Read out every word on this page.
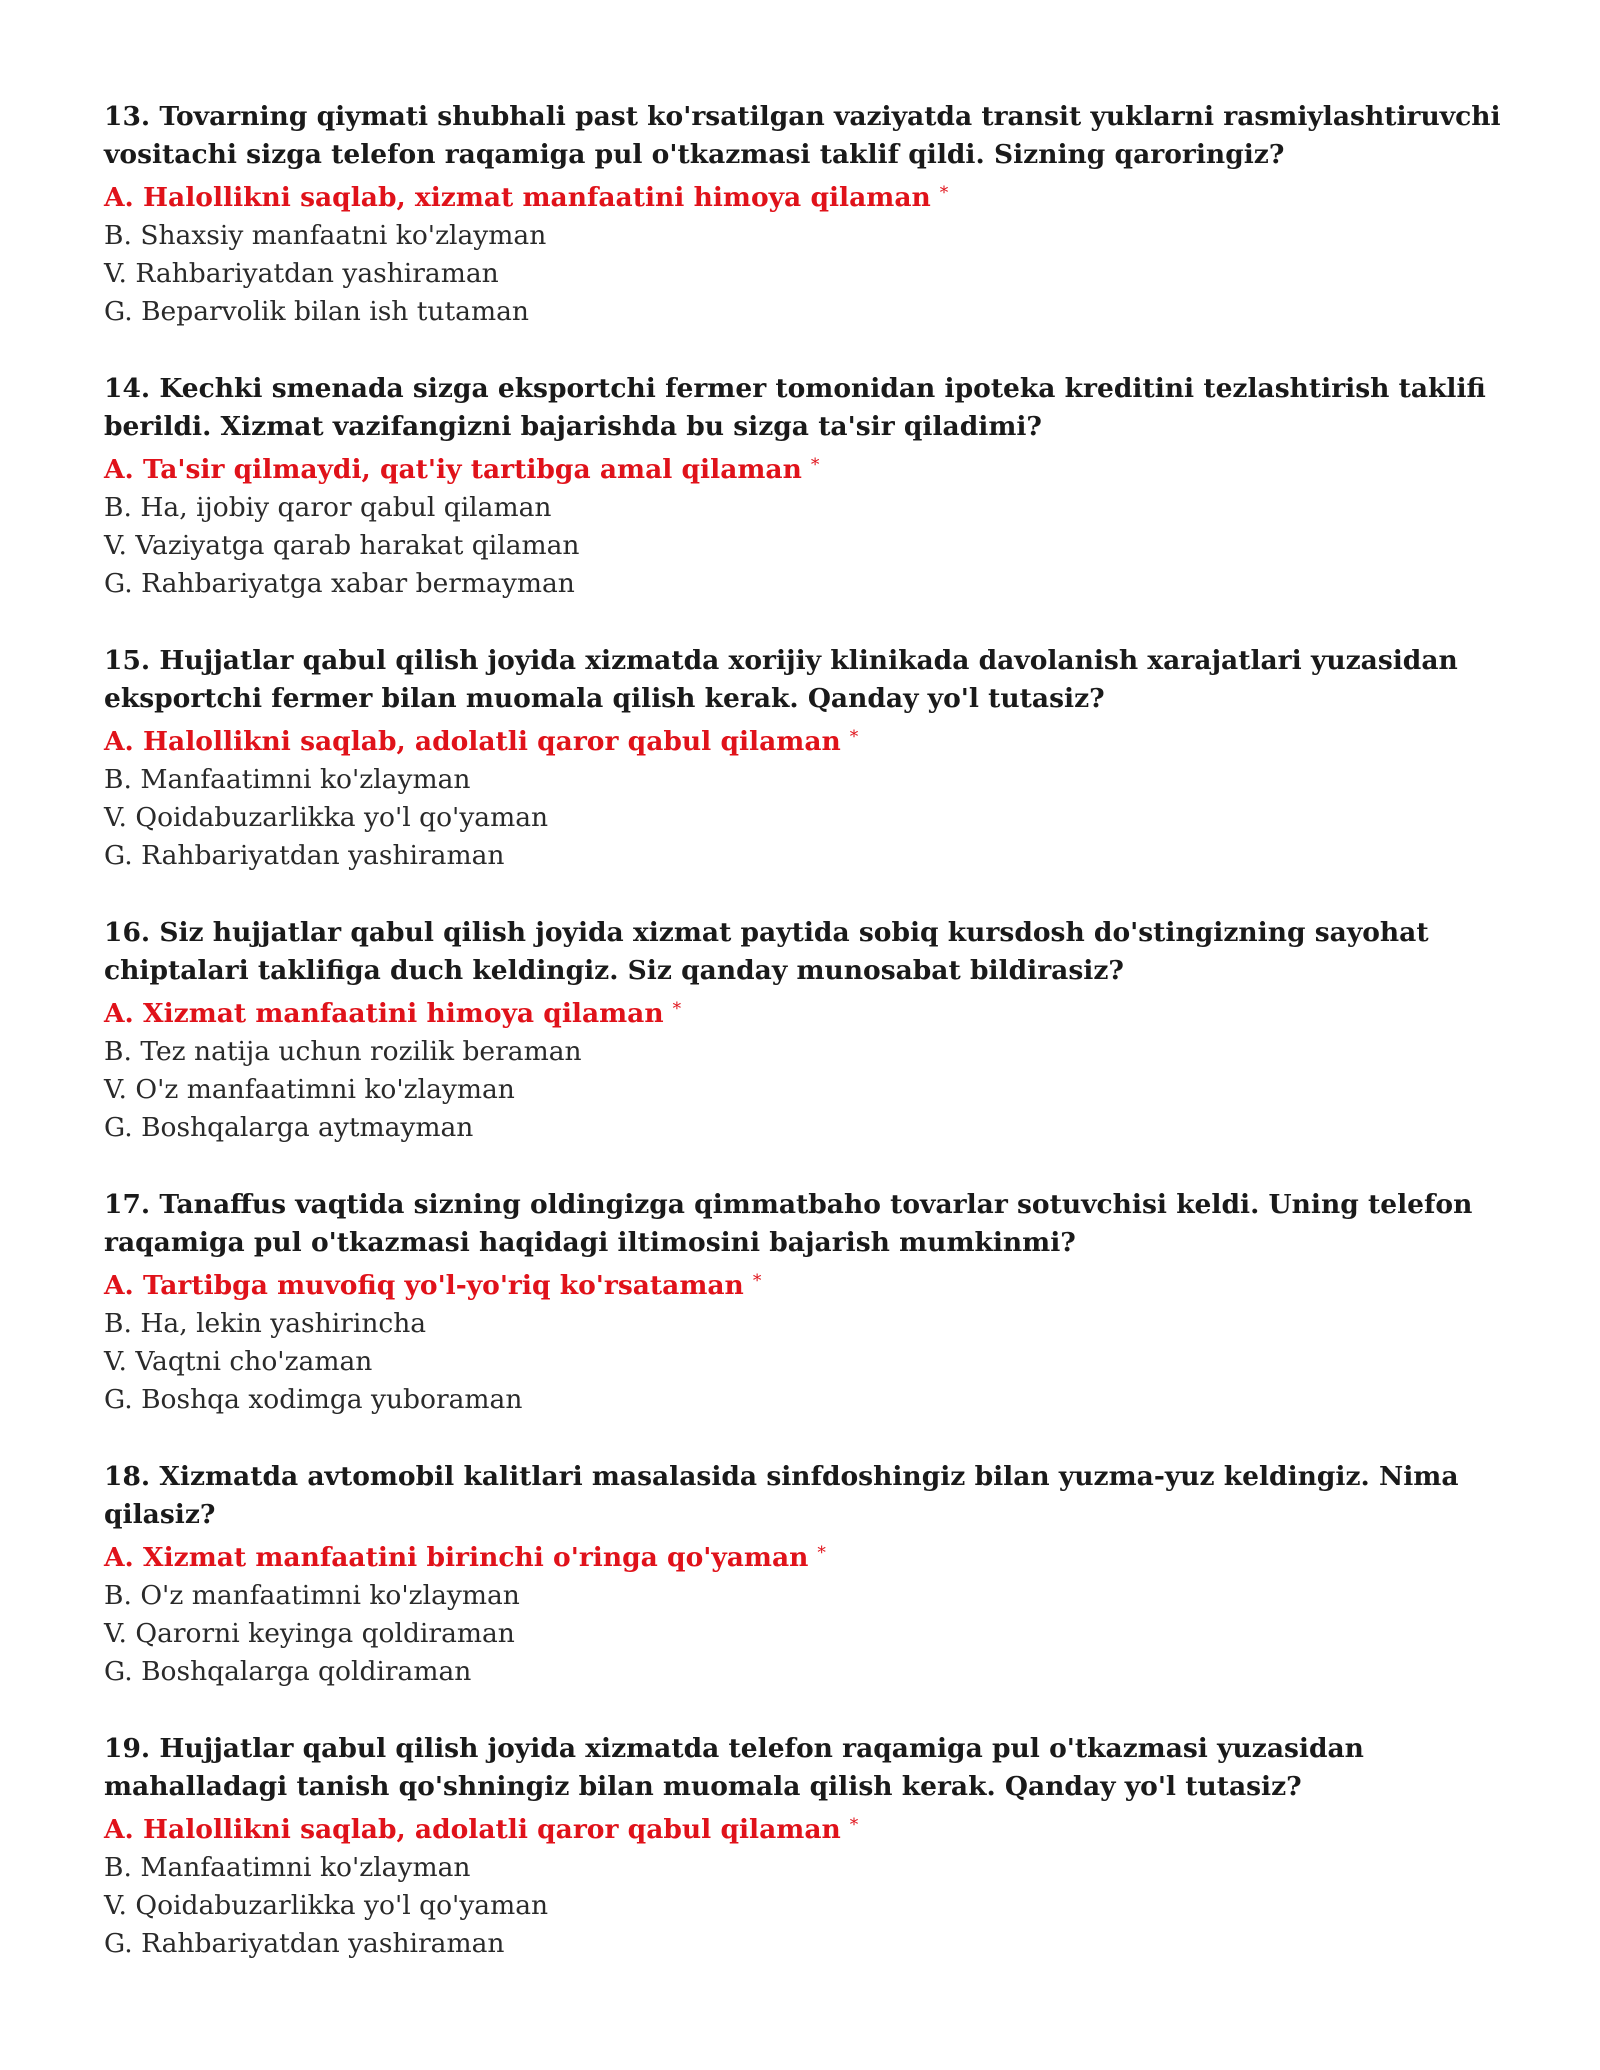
13. Tovarning qiymati shubhali past ko'rsatilgan vaziyatda transit yuklarni rasmiylashtiruvchi vositachi sizga telefon raqamiga pul o'tkazmasi taklif qildi. Sizning qaroringiz?

A. Halollikni saqlab, xizmat manfaatini himoya qilaman *

B. Shaxsiy manfaatni ko'zlayman

V. Rahbariyatdan yashiraman

G. Beparvolik bilan ish tutaman

14. Kechki smenada sizga eksportchi fermer tomonidan ipoteka kreditini tezlashtirish taklifi berildi. Xizmat vazifangizni bajarishda bu sizga ta'sir qiladimi?

A. Ta'sir qilmaydi, qat'iy tartibga amal qilaman *

B. Ha, ijobiy qaror qabul qilaman

V. Vaziyatga qarab harakat qilaman

G. Rahbariyatga xabar bermayman

15. Hujjatlar qabul qilish joyida xizmatda xorijiy klinikada davolanish xarajatlari yuzasidan eksportchi fermer bilan muomala qilish kerak. Qanday yo'l tutasiz?

A. Halollikni saqlab, adolatli qaror qabul qilaman *

B. Manfaatimni ko'zlayman

V. Qoidabuzarlikka yo'l qo'yaman

G. Rahbariyatdan yashiraman

16. Siz hujjatlar qabul qilish joyida xizmat paytida sobiq kursdosh do'stingizning sayohat chiptalari taklifiga duch keldingiz. Siz qanday munosabat bildirasiz?

A. Xizmat manfaatini himoya qilaman *

B. Tez natija uchun rozilik beraman

V. O'z manfaatimni ko'zlayman

G. Boshqalarga aytmayman

17. Tanaffus vaqtida sizning oldingizga qimmatbaho tovarlar sotuvchisi keldi. Uning telefon raqamiga pul o'tkazmasi haqidagi iltimosini bajarish mumkinmi?

A. Tartibga muvofiq yo'l-yo'riq ko'rsataman *

B. Ha, lekin yashirincha

V. Vaqtni cho'zaman

G. Boshqa xodimga yuboraman

18. Xizmatda avtomobil kalitlari masalasida sinfdoshingiz bilan yuzma-yuz keldingiz. Nima qilasiz?

A. Xizmat manfaatini birinchi o'ringa qo'yaman *

B. O'z manfaatimni ko'zlayman

V. Qarorni keyinga qoldiraman

G. Boshqalarga qoldiraman

19. Hujjatlar qabul qilish joyida xizmatda telefon raqamiga pul o'tkazmasi yuzasidan mahalladagi tanish qo'shningiz bilan muomala qilish kerak. Qanday yo'l tutasiz?

A. Halollikni saqlab, adolatli qaror qabul qilaman *

B. Manfaatimni ko'zlayman

V. Qoidabuzarlikka yo'l qo'yaman

G. Rahbariyatdan yashiraman
